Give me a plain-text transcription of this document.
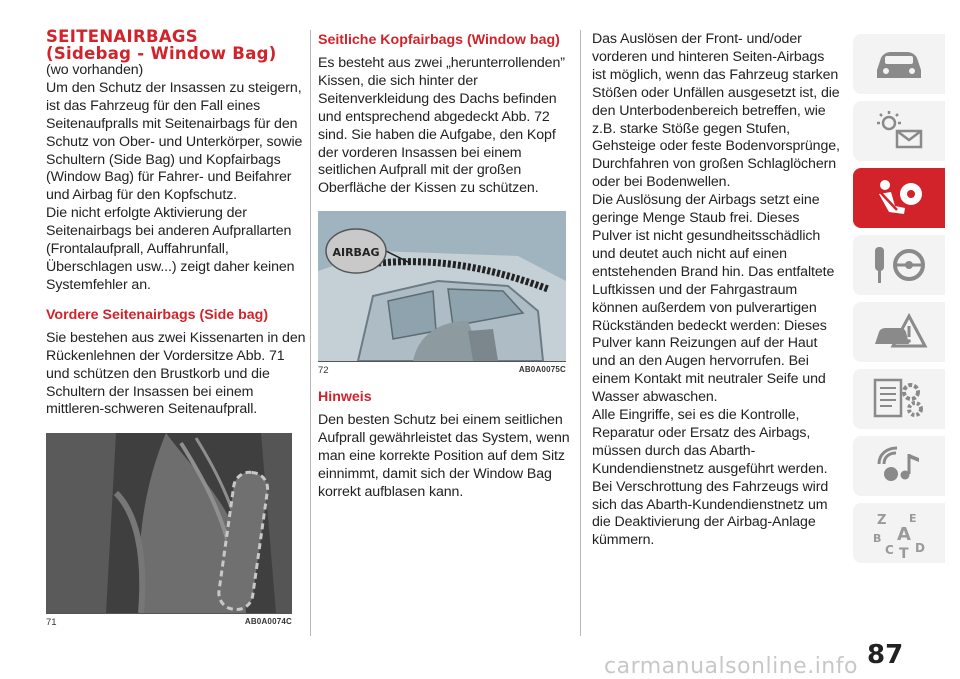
SEITENAIRBAGS
(Sidebag - Window Bag)

(wo vorhanden)
Um den Schutz der Insassen zu steigern, ist das Fahrzeug für den Fall eines Seitenaufpralls mit Seitenairbags für den Schutz von Ober- und Unterkörper, sowie Schultern (Side Bag) und Kopfairbags (Window Bag) für Fahrer- und Beifahrer und Airbag für den Kopfschutz.
Die nicht erfolgte Aktivierung der Seitenairbags bei anderen Aufprallarten (Frontalaufprall, Auffahrunfall, Überschlagen usw...) zeigt daher keinen Systemfehler an.

Vordere Seitenairbags (Side bag)

Sie bestehen aus zwei Kissenarten in den Rückenlehnen der Vordersitze Abb. 71 und schützen den Brustkorb und die Schultern der Insassen bei einem mittleren-schweren Seitenaufprall.

71	AB0A0074C
Seitliche Kopfairbags (Window bag)

Es besteht aus zwei „herunterrollenden” Kissen, die sich hinter der Seitenverkleidung des Dachs befinden und entsprechend abgedeckt Abb. 72 sind. Sie haben die Aufgabe, den Kopf der vorderen Insassen bei einem seitlichen Aufprall mit der großen Oberfläche der Kissen zu schützen.

AIRBAG
72	AB0A0075C
Hinweis

Den besten Schutz bei einem seitlichen Aufprall gewährleistet das System, wenn man eine korrekte Position auf dem Sitz einnimmt, damit sich der Window Bag korrekt aufblasen kann.

Das Auslösen der Front- und/oder vorderen und hinteren Seiten-Airbags ist möglich, wenn das Fahrzeug starken Stößen oder Unfällen ausgesetzt ist, die den Unterbodenbereich betreffen, wie z.B. starke Stöße gegen Stufen, Gehsteige oder feste Bodenvorsprünge, Durchfahren von großen Schlaglöchern oder bei Bodenwellen.
Die Auslösung der Airbags setzt eine geringe Menge Staub frei. Dieses Pulver ist nicht gesundheitsschädlich und deutet auch nicht auf einen entstehenden Brand hin. Das entfaltete Luftkissen und der Fahrgastraum können außerdem von pulverartigen Rückständen bedeckt werden: Dieses Pulver kann Reizungen auf der Haut und an den Augen hervorrufen. Bei einem Kontakt mit neutraler Seife und Wasser abwaschen.
Alle Eingriffe, sei es die Kontrolle, Reparatur oder Ersatz des Airbags, müssen durch das Abarth-Kundendienstnetz ausgeführt werden.
Bei Verschrottung des Fahrzeugs wird sich das Abarth-Kundendienstnetz um die Deaktivierung der Airbag-Anlage kümmern.

Z E
B A
C T D
carmanualsonline.info 87
